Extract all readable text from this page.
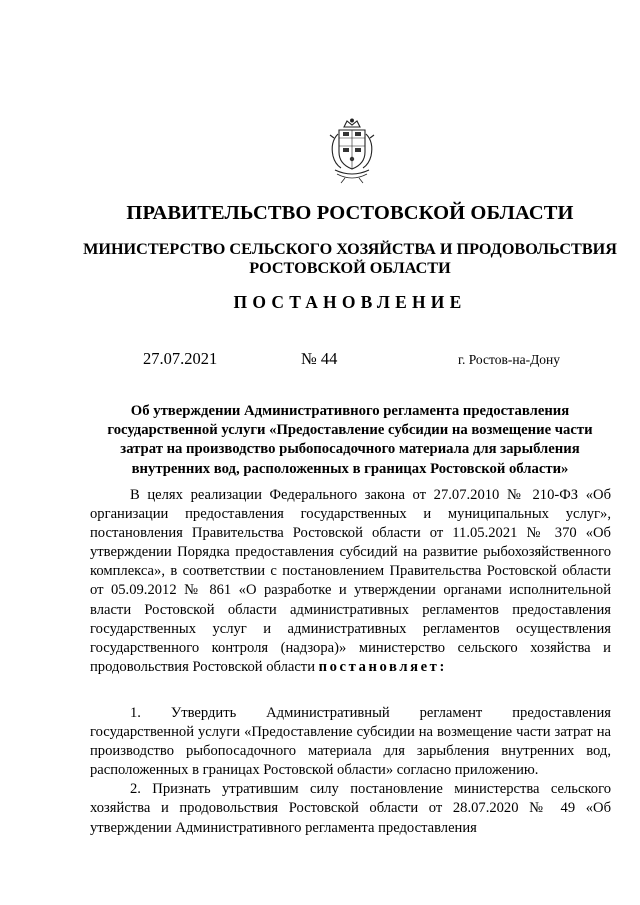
ПРАВИТЕЛЬСТВО РОСТОВСКОЙ ОБЛАСТИ
МИНИСТЕРСТВО СЕЛЬСКОГО ХОЗЯЙСТВА И ПРОДОВОЛЬСТВИЯ
РОСТОВСКОЙ ОБЛАСТИ
ПОСТАНОВЛЕНИЕ
27.07.2021	№ 44	г. Ростов-на-Дону
Об утверждении Административного регламента предоставления
государственной услуги «Предоставление субсидии на возмещение части
затрат на производство рыбопосадочного материала для зарыбления
внутренних вод, расположенных в границах Ростовской области»

В целях реализации Федерального закона от 27.07.2010 № 210-ФЗ «Об организации предоставления государственных и муниципальных услуг», постановления Правительства Ростовской области от 11.05.2021 № 370 «Об утверждении Порядка предоставления субсидий на развитие рыбохозяйственного комплекса», в соответствии с постановлением Правительства Ростовской области от 05.09.2012 № 861 «О разработке и утверждении органами исполнительной власти Ростовской области административных регламентов предоставления государственных услуг и административных регламентов осуществления государственного контроля (надзора)» министерство сельского хозяйства и продовольствия Ростовской области постановляет:

1. Утвердить Административный регламент предоставления государственной услуги «Предоставление субсидии на возмещение части затрат на производство рыбопосадочного материала для зарыбления внутренних вод, расположенных в границах Ростовской области» согласно приложению.

2. Признать утратившим силу постановление министерства сельского хозяйства и продовольствия Ростовской области от 28.07.2020 № 49 «Об утверждении Административного регламента предоставления
